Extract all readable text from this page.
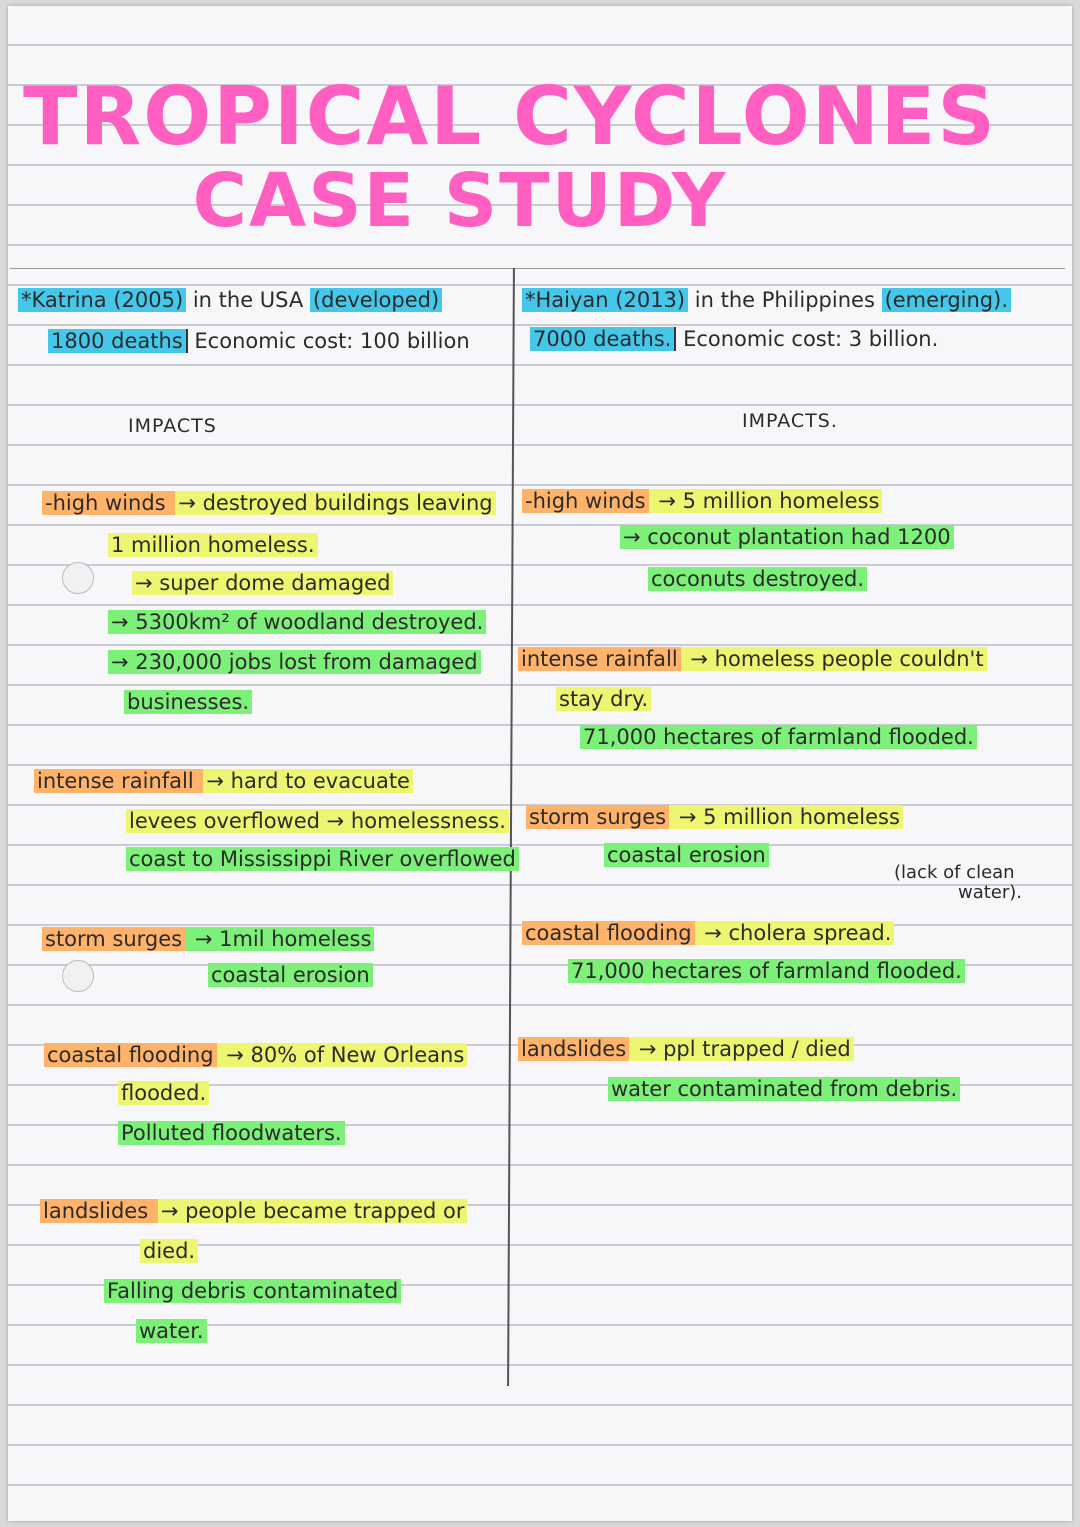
TROPICAL CYCLONES
CASE STUDY
*Katrina (2005) in the USA (developed)
1800 deaths Economic cost: 100 billion
IMPACTS
-high winds → destroyed buildings leaving
1 million homeless.
→ super dome damaged
→ 5300km² of woodland destroyed.
→ 230,000 jobs lost from damaged
businesses.
intense rainfall → hard to evacuate
levees overflowed → homelessness.
coast to Mississippi River overflowed
storm surges → 1mil homeless
coastal erosion
coastal flooding → 80% of New Orleans
flooded.
Polluted floodwaters.
landslides → people became trapped or
died.
Falling debris contaminated
water.
*Haiyan (2013) in the Philippines (emerging).
7000 deaths. Economic cost: 3 billion.
IMPACTS.
-high winds → 5 million homeless
→ coconut plantation had 1200
coconuts destroyed.
intense rainfall → homeless people couldn't
stay dry.
71,000 hectares of farmland flooded.
storm surges → 5 million homeless
coastal erosion
(lack of clean
water).
coastal flooding → cholera spread.
71,000 hectares of farmland flooded.
landslides → ppl trapped / died
water contaminated from debris.
